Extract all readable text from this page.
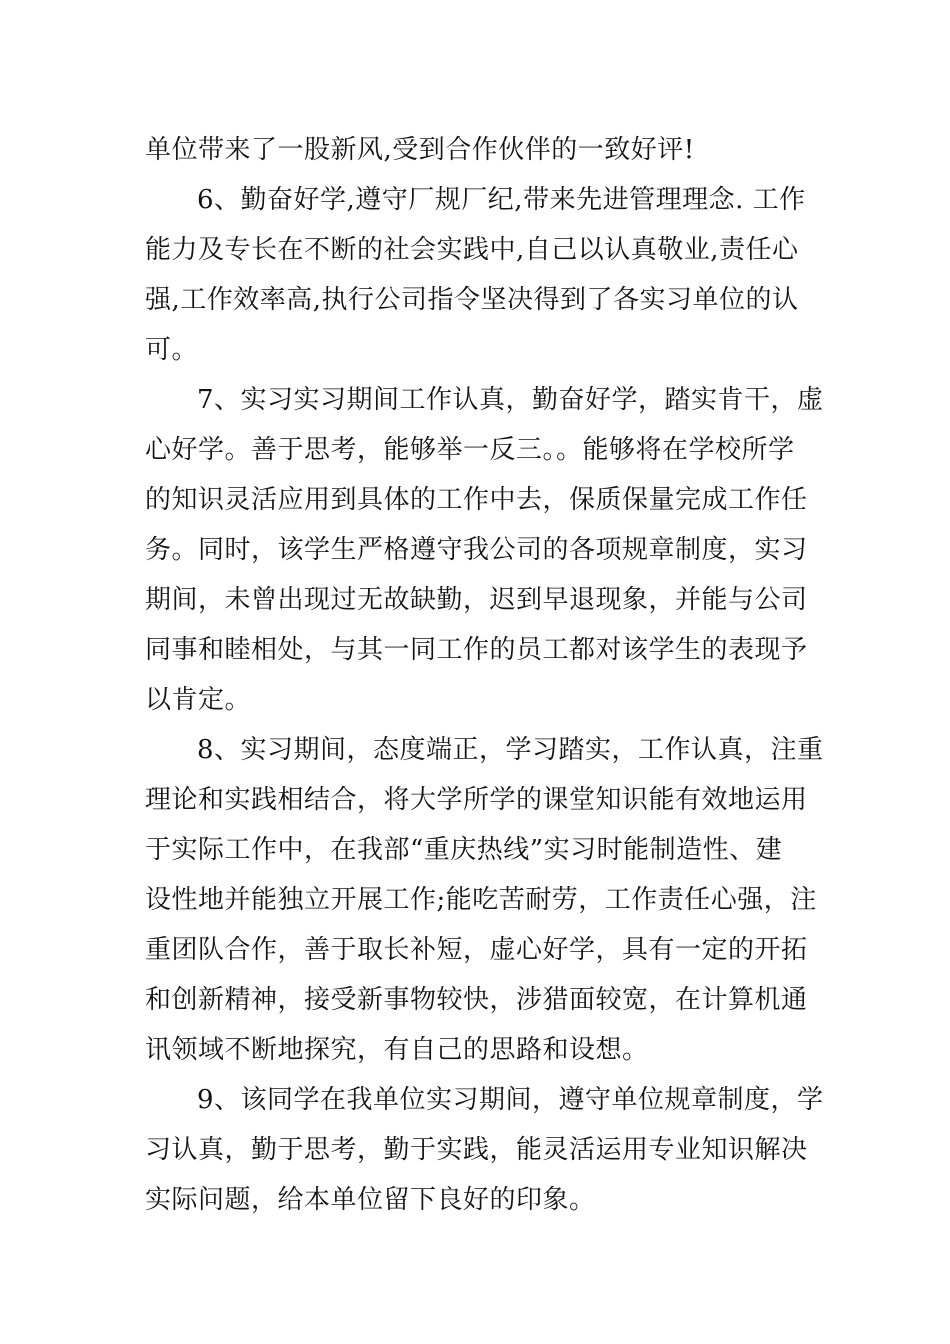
单位带来了一股新风,受到合作伙伴的一致好评!
6、勤奋好学,遵守厂规厂纪,带来先进管理理念. 工作
能力及专长在不断的社会实践中,自己以认真敬业,责任心
强,工作效率高,执行公司指令坚决得到了各实习单位的认
可。
7、实习实习期间工作认真，勤奋好学，踏实肯干，虚
心好学。善于思考，能够举一反三。。能够将在学校所学
的知识灵活应用到具体的工作中去，保质保量完成工作任
务。同时，该学生严格遵守我公司的各项规章制度，实习
期间，未曾出现过无故缺勤，迟到早退现象，并能与公司
同事和睦相处，与其一同工作的员工都对该学生的表现予
以肯定。
8、实习期间，态度端正，学习踏实，工作认真，注重
理论和实践相结合，将大学所学的课堂知识能有效地运用
于实际工作中，在我部“重庆热线”实习时能制造性、建
设性地并能独立开展工作;能吃苦耐劳，工作责任心强，注
重团队合作，善于取长补短，虚心好学，具有一定的开拓
和创新精神，接受新事物较快，涉猎面较宽，在计算机通
讯领域不断地探究，有自己的思路和设想。
9、该同学在我单位实习期间，遵守单位规章制度，学
习认真，勤于思考，勤于实践，能灵活运用专业知识解决
实际问题，给本单位留下良好的印象。
